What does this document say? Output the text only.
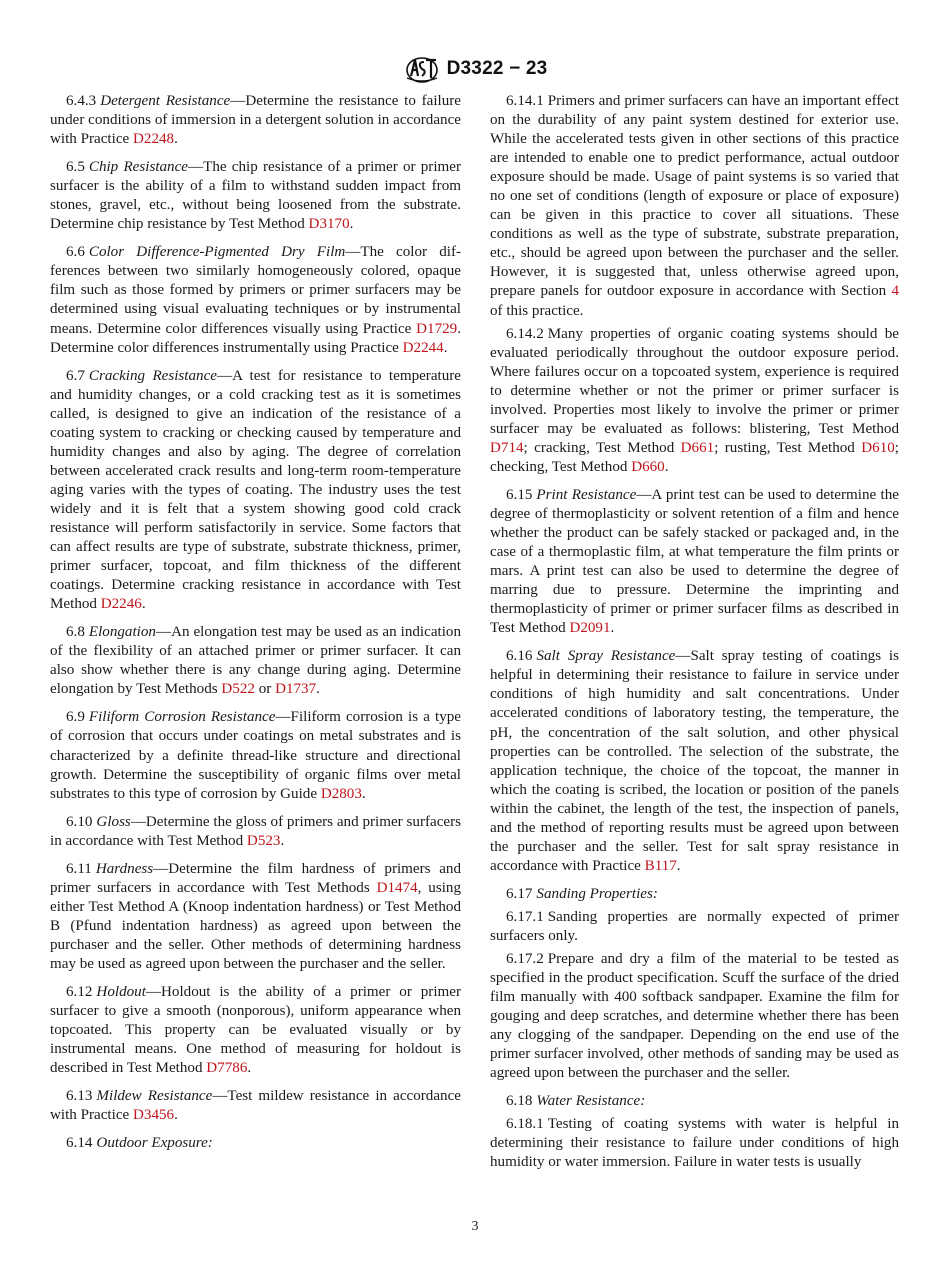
D3322 − 23

6.4.3 Detergent Resistance—Determine the resistance to failure under conditions of immersion in a detergent solution in accordance with Practice D2248.

6.5 Chip Resistance—The chip resistance of a primer or primer surfacer is the ability of a film to withstand sudden impact from stones, gravel, etc., without being loosened from the substrate. Determine chip resistance by Test Method D3170.

6.6 Color Difference-Pigmented Dry Film—The color differences between two similarly homogeneously colored, opaque film such as those formed by primers or primer surfacers may be determined using visual evaluating techniques or by instrumental means. Determine color differences visually using Practice D1729. Determine color differences instrumentally using Practice D2244.

6.7 Cracking Resistance—A test for resistance to temperature and humidity changes, or a cold cracking test as it is sometimes called, is designed to give an indication of the resistance of a coating system to cracking or checking caused by temperature and humidity changes and also by aging. The degree of correlation between accelerated crack results and long-term room-temperature aging varies with the types of coating. The industry uses the test widely and it is felt that a system showing good cold crack resistance will perform satisfactorily in service. Some factors that can affect results are type of substrate, substrate thickness, primer, primer surfacer, topcoat, and film thickness of the different coatings. Determine cracking resistance in accordance with Test Method D2246.

6.8 Elongation—An elongation test may be used as an indication of the flexibility of an attached primer or primer surfacer. It can also show whether there is any change during aging. Determine elongation by Test Methods D522 or D1737.

6.9 Filiform Corrosion Resistance—Filiform corrosion is a type of corrosion that occurs under coatings on metal substrates and is characterized by a definite thread-like structure and directional growth. Determine the susceptibility of organic films over metal substrates to this type of corrosion by Guide D2803.

6.10 Gloss—Determine the gloss of primers and primer surfacers in accordance with Test Method D523.

6.11 Hardness—Determine the film hardness of primers and primer surfacers in accordance with Test Methods D1474, using either Test Method A (Knoop indentation hardness) or Test Method B (Pfund indentation hardness) as agreed upon between the purchaser and the seller. Other methods of determining hardness may be used as agreed upon between the purchaser and the seller.

6.12 Holdout—Holdout is the ability of a primer or primer surfacer to give a smooth (nonporous), uniform appearance when topcoated. This property can be evaluated visually or by instrumental means. One method of measuring for holdout is described in Test Method D7786.

6.13 Mildew Resistance—Test mildew resistance in accordance with Practice D3456.

6.14 Outdoor Exposure:

6.14.1 Primers and primer surfacers can have an important effect on the durability of any paint system destined for exterior use. While the accelerated tests given in other sections of this practice are intended to enable one to predict performance, actual outdoor exposure should be made. Usage of paint systems is so varied that no one set of conditions (length of exposure or place of exposure) can be given in this practice to cover all situations. These conditions as well as the type of substrate, substrate preparation, etc., should be agreed upon between the purchaser and the seller. However, it is suggested that, unless otherwise agreed upon, prepare panels for outdoor exposure in accordance with Section 4 of this practice.

6.14.2 Many properties of organic coating systems should be evaluated periodically throughout the outdoor exposure period. Where failures occur on a topcoated system, experience is required to determine whether or not the primer or primer surfacer is involved. Properties most likely to involve the primer or primer surfacer may be evaluated as follows: blistering, Test Method D714; cracking, Test Method D661; rusting, Test Method D610; checking, Test Method D660.

6.15 Print Resistance—A print test can be used to determine the degree of thermoplasticity or solvent retention of a film and hence whether the product can be safely stacked or packaged and, in the case of a thermoplastic film, at what temperature the film prints or mars. A print test can also be used to determine the degree of marring due to pressure. Determine the imprinting and thermoplasticity of primer or primer surfacer films as described in Test Method D2091.

6.16 Salt Spray Resistance—Salt spray testing of coatings is helpful in determining their resistance to failure in service under conditions of high humidity and salt concentrations. Under accelerated conditions of laboratory testing, the temperature, the pH, the concentration of the salt solution, and other physical properties can be controlled. The selection of the substrate, the application technique, the choice of the topcoat, the manner in which the coating is scribed, the location or position of the panels within the cabinet, the length of the test, the inspection of panels, and the method of reporting results must be agreed upon between the purchaser and the seller. Test for salt spray resistance in accordance with Practice B117.

6.17 Sanding Properties:

6.17.1 Sanding properties are normally expected of primer surfacers only.

6.17.2 Prepare and dry a film of the material to be tested as specified in the product specification. Scuff the surface of the dried film manually with 400 softback sandpaper. Examine the film for gouging and deep scratches, and determine whether there has been any clogging of the sandpaper. Depending on the end use of the primer surfacer involved, other methods of sanding may be used as agreed upon between the purchaser and the seller.

6.18 Water Resistance:

6.18.1 Testing of coating systems with water is helpful in determining their resistance to failure under conditions of high humidity or water immersion. Failure in water tests is usually

3
